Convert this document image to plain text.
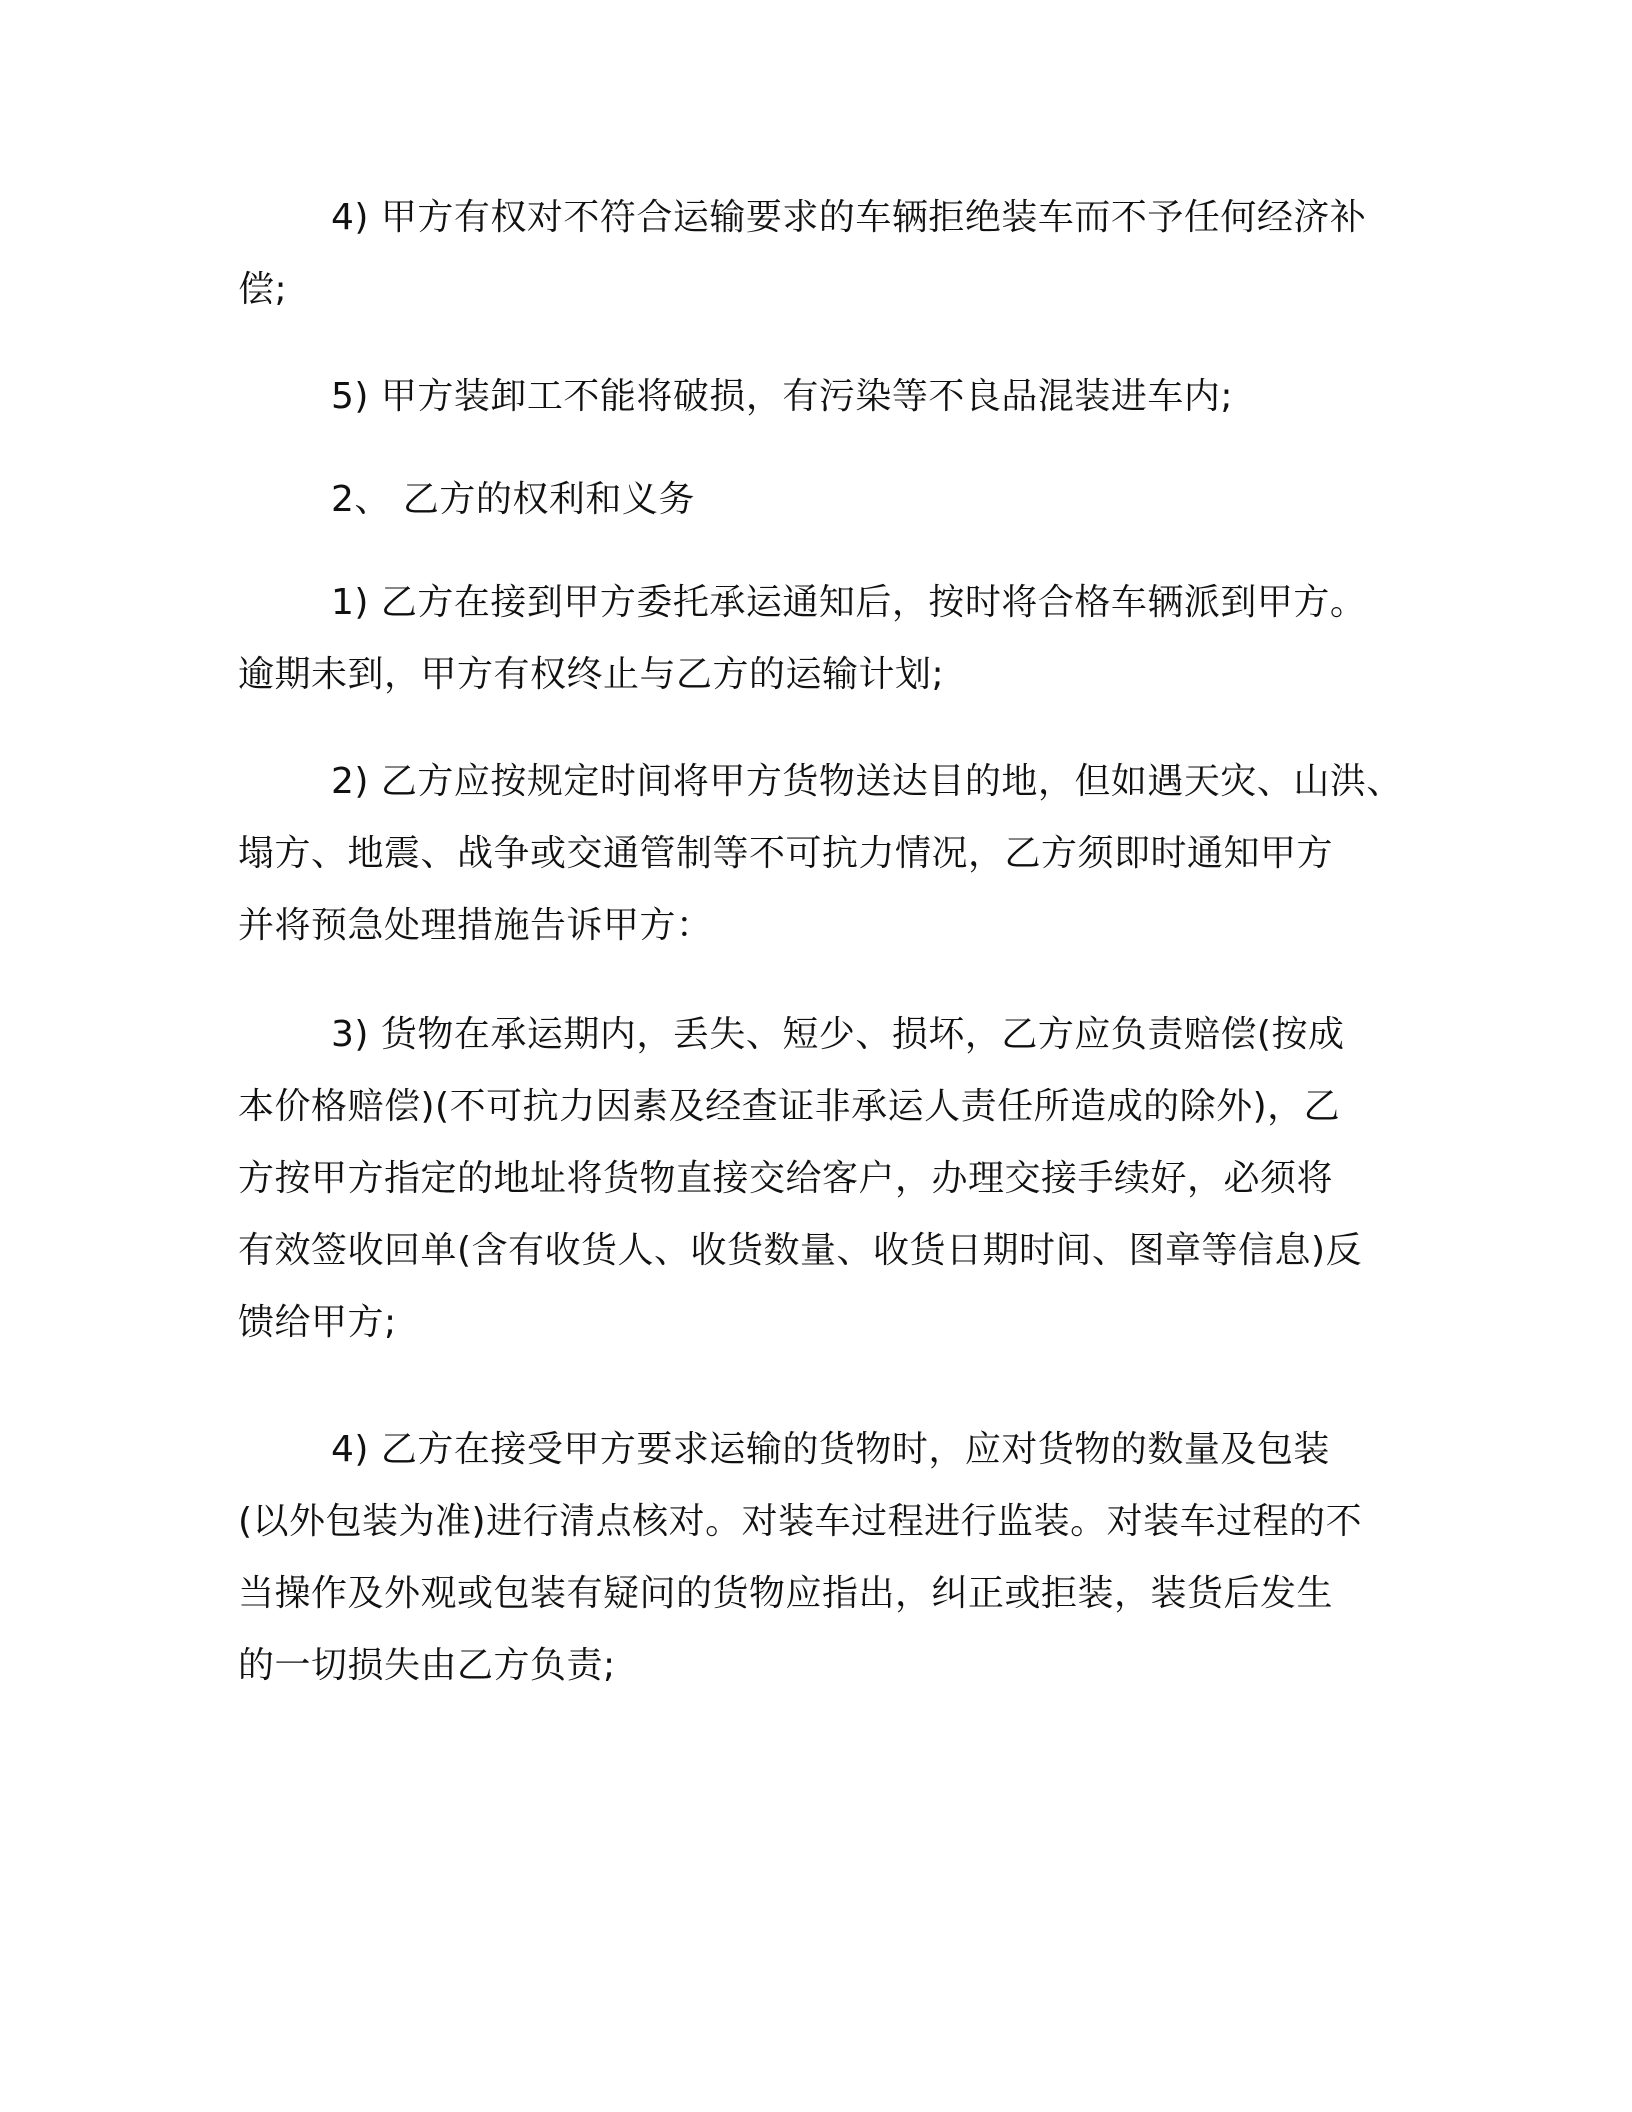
4) 甲方有权对不符合运输要求的车辆拒绝装车而不予任何经济补
偿;
5) 甲方装卸工不能将破损，有污染等不良品混装进车内;
2、 乙方的权利和义务
1) 乙方在接到甲方委托承运通知后，按时将合格车辆派到甲方。
逾期未到，甲方有权终止与乙方的运输计划;
2) 乙方应按规定时间将甲方货物送达目的地，但如遇天灾、山洪、
塌方、地震、战争或交通管制等不可抗力情况，乙方须即时通知甲方
并将预急处理措施告诉甲方：
3) 货物在承运期内，丢失、短少、损坏，乙方应负责赔偿(按成
本价格赔偿)(不可抗力因素及经查证非承运人责任所造成的除外)，乙
方按甲方指定的地址将货物直接交给客户，办理交接手续好，必须将
有效签收回单(含有收货人、收货数量、收货日期时间、图章等信息)反
馈给甲方;
4) 乙方在接受甲方要求运输的货物时，应对货物的数量及包装
(以外包装为准)进行清点核对。对装车过程进行监装。对装车过程的不
当操作及外观或包装有疑问的货物应指出，纠正或拒装，装货后发生
的一切损失由乙方负责;
